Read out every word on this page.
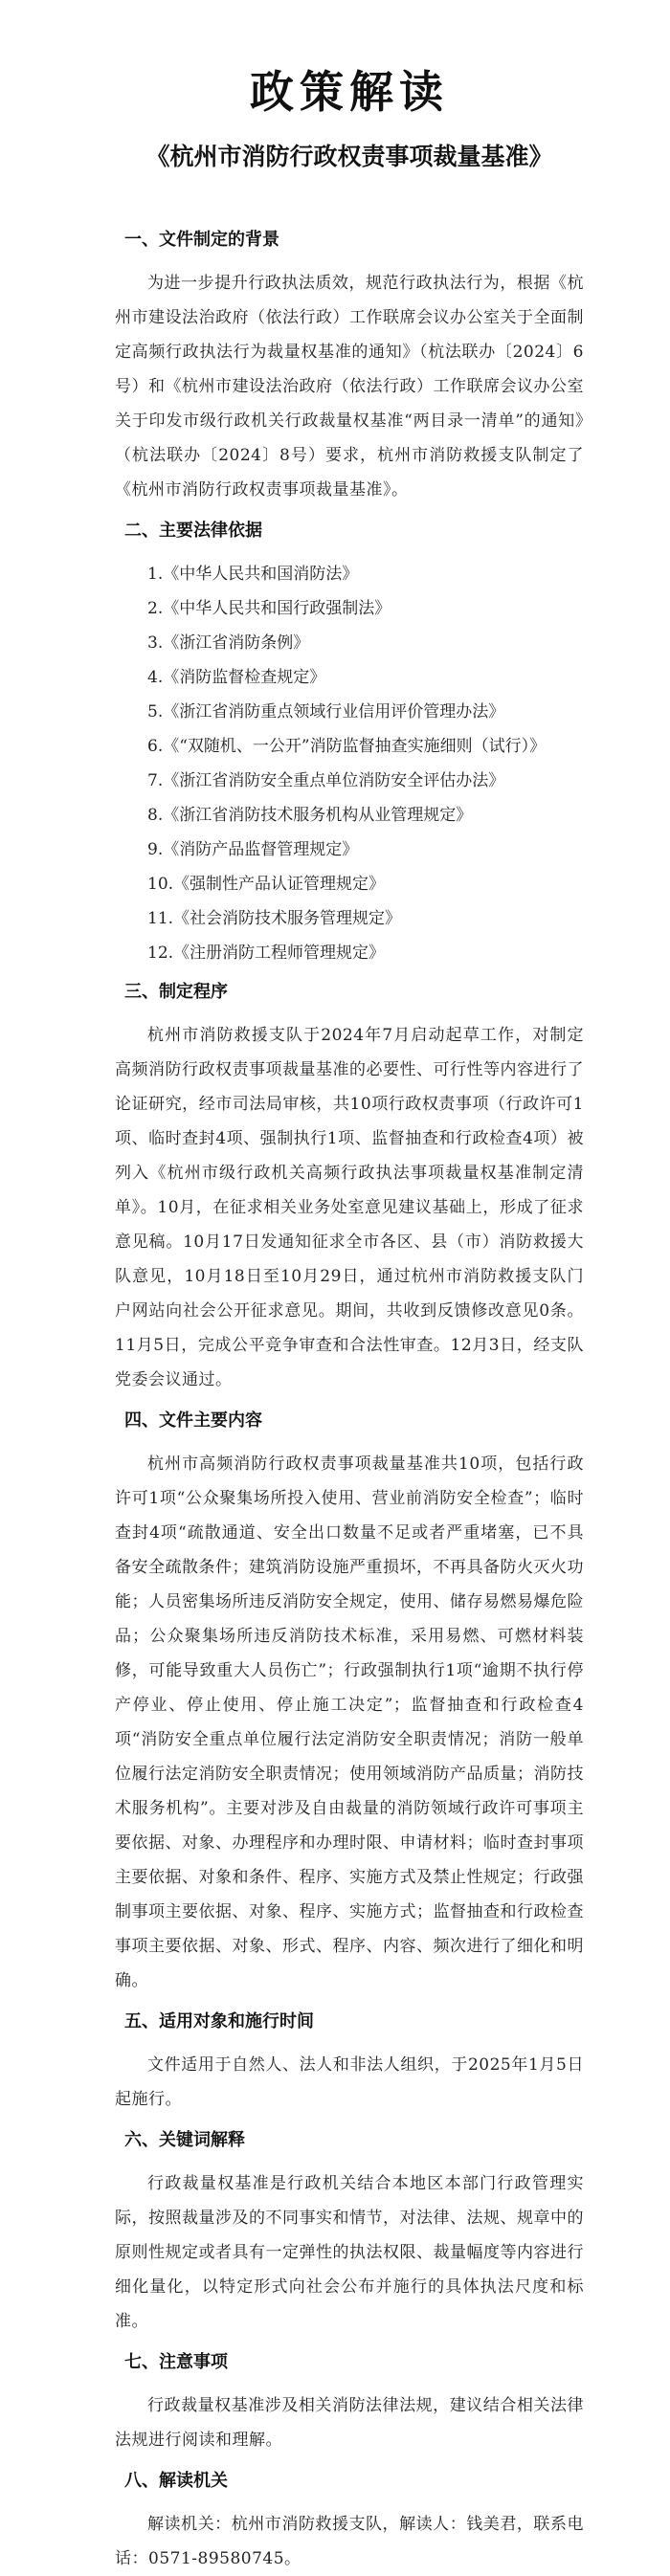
政策解读
《杭州市消防行政权责事项裁量基准》
一、文件制定的背景

为进一步提升行政执法质效，规范行政执法行为，根据《杭州市建设法治政府（依法行政）工作联席会议办公室关于全面制定高频行政执法行为裁量权基准的通知》（杭法联办〔2024〕6号）和《杭州市建设法治政府（依法行政）工作联席会议办公室关于印发市级行政机关行政裁量权基准“两目录一清单”的通知》（杭法联办〔2024〕8号）要求，杭州市消防救援支队制定了《杭州市消防行政权责事项裁量基准》。

二、主要法律依据
1.《中华人民共和国消防法》
2.《中华人民共和国行政强制法》
3.《浙江省消防条例》
4.《消防监督检查规定》
5.《浙江省消防重点领域行业信用评价管理办法》
6.《“双随机、一公开”消防监督抽查实施细则（试行）》
7.《浙江省消防安全重点单位消防安全评估办法》
8.《浙江省消防技术服务机构从业管理规定》
9.《消防产品监督管理规定》
10.《强制性产品认证管理规定》
11.《社会消防技术服务管理规定》
12.《注册消防工程师管理规定》
三、制定程序

杭州市消防救援支队于2024年7月启动起草工作，对制定高频消防行政权责事项裁量基准的必要性、可行性等内容进行了论证研究，经市司法局审核，共10项行政权责事项（行政许可1项、临时查封4项、强制执行1项、监督抽查和行政检查4项）被列入《杭州市级行政机关高频行政执法事项裁量权基准制定清单》。10月，在征求相关业务处室意见建议基础上，形成了征求意见稿。10月17日发通知征求全市各区、县（市）消防救援大队意见，10月18日至10月29日，通过杭州市消防救援支队门户网站向社会公开征求意见。期间，共收到反馈修改意见0条。11月5日，完成公平竞争审查和合法性审查。12月3日，经支队党委会议通过。

四、文件主要内容

杭州市高频消防行政权责事项裁量基准共10项，包括行政许可1项“公众聚集场所投入使用、营业前消防安全检查”；临时查封4项“疏散通道、安全出口数量不足或者严重堵塞，已不具备安全疏散条件；建筑消防设施严重损坏，不再具备防火灭火功能；人员密集场所违反消防安全规定，使用、储存易燃易爆危险品；公众聚集场所违反消防技术标准，采用易燃、可燃材料装修，可能导致重大人员伤亡”；行政强制执行1项“逾期不执行停产停业、停止使用、停止施工决定”；监督抽查和行政检查4项“消防安全重点单位履行法定消防安全职责情况；消防一般单位履行法定消防安全职责情况；使用领域消防产品质量；消防技术服务机构”。主要对涉及自由裁量的消防领域行政许可事项主要依据、对象、办理程序和办理时限、申请材料；临时查封事项主要依据、对象和条件、程序、实施方式及禁止性规定；行政强制事项主要依据、对象、程序、实施方式；监督抽查和行政检查事项主要依据、对象、形式、程序、内容、频次进行了细化和明确。

五、适用对象和施行时间

文件适用于自然人、法人和非法人组织，于2025年1月5日起施行。

六、关键词解释

行政裁量权基准是行政机关结合本地区本部门行政管理实际，按照裁量涉及的不同事实和情节，对法律、法规、规章中的原则性规定或者具有一定弹性的执法权限、裁量幅度等内容进行细化量化，以特定形式向社会公布并施行的具体执法尺度和标准。

七、注意事项

行政裁量权基准涉及相关消防法律法规，建议结合相关法律法规进行阅读和理解。

八、解读机关

解读机关：杭州市消防救援支队，解读人：钱美君，联系电话：0571-89580745。
